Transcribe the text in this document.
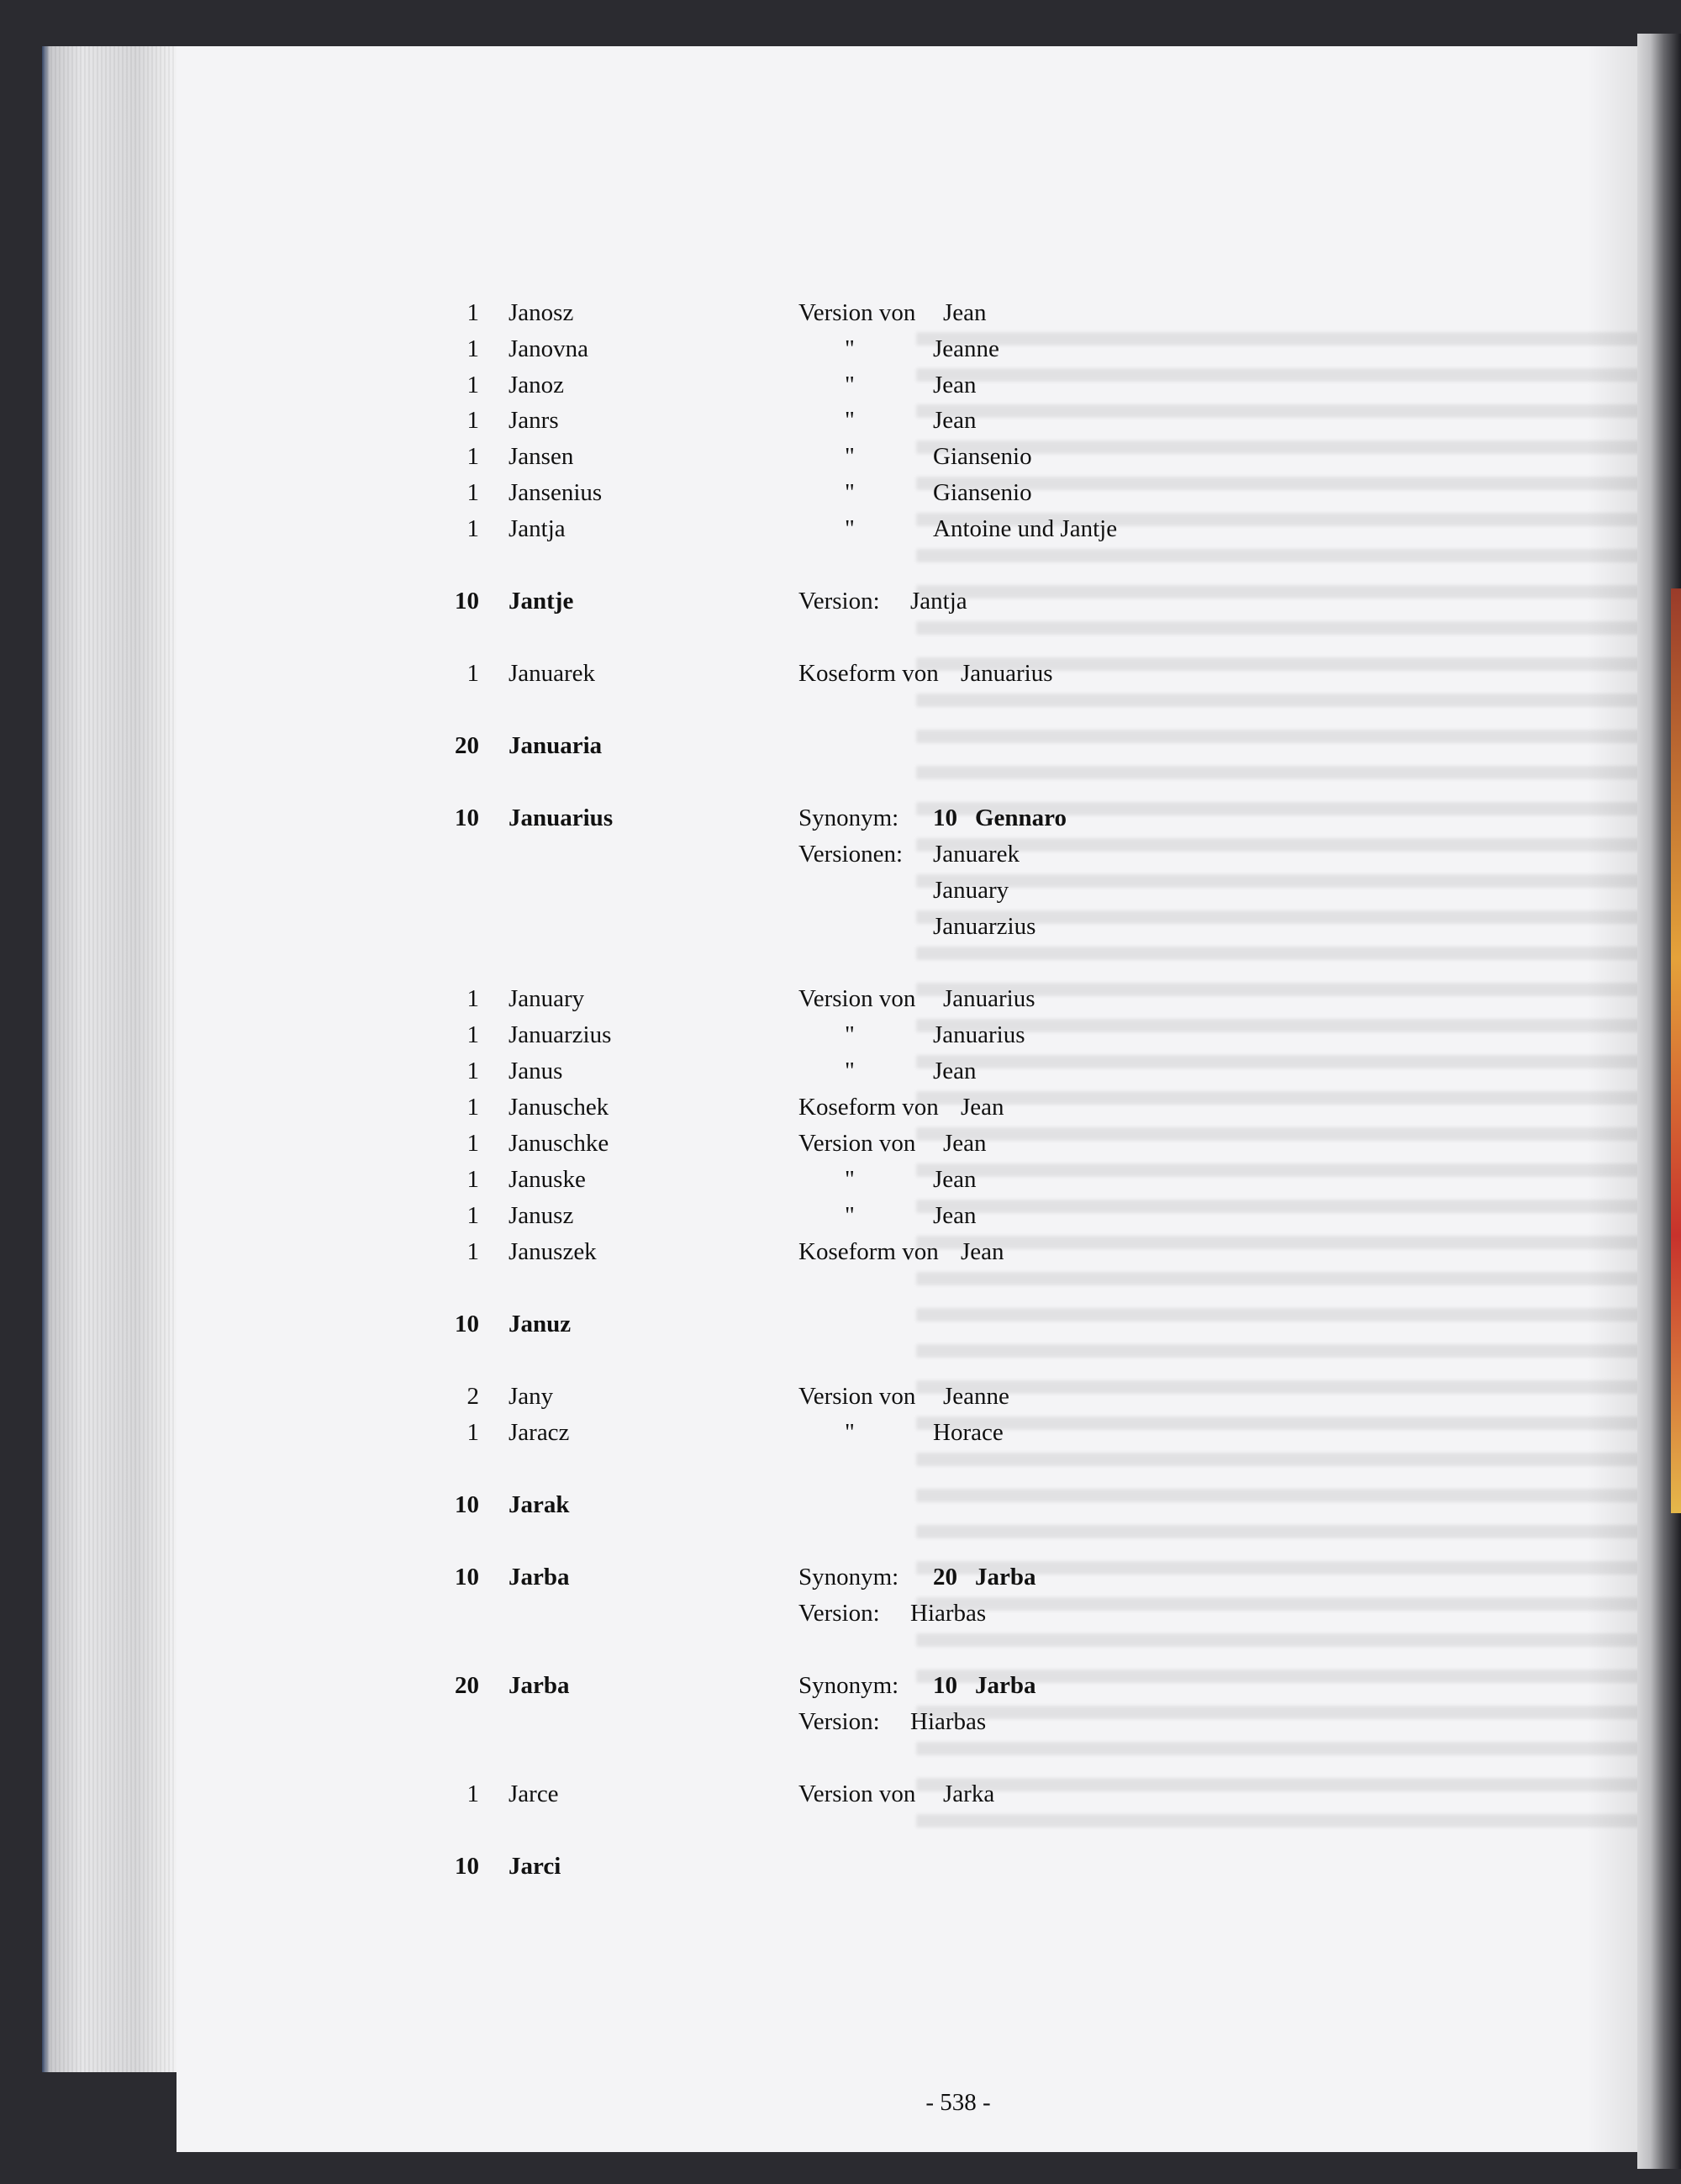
1 Janosz	Version von Jean
1 Janovna	"	Jeanne
1 Janoz	"	Jean
1 Janrs	"	Jean
1 Jansen	"	Giansenio
1 Jansenius	"	Giansenio
1 Jantja	"	Antoine und Jantje
10 Jantje	Version: Jantja
1 Januarek	Koseform von Januarius
20 Januaria
10 Januarius	Synonym: 10 Gennaro
Versionen: Januarek
January
Januarzius
1 January	Version von Januarius
1 Januarzius	"	Januarius
1 Janus	"	Jean
1 Januschek	Koseform von Jean
1 Januschke	Version von Jean
1 Januske	"	Jean
1 Janusz	"	Jean
1 Januszek	Koseform von Jean
10 Januz
2 Jany	Version von Jeanne
1 Jaracz	"	Horace
10 Jarak
10 Jarba	Synonym: 20 Jarba
Version: Hiarbas
20 Jarba	Synonym: 10 Jarba
Version: Hiarbas
1 Jarce	Version von Jarka
10 Jarci
- 538 -
